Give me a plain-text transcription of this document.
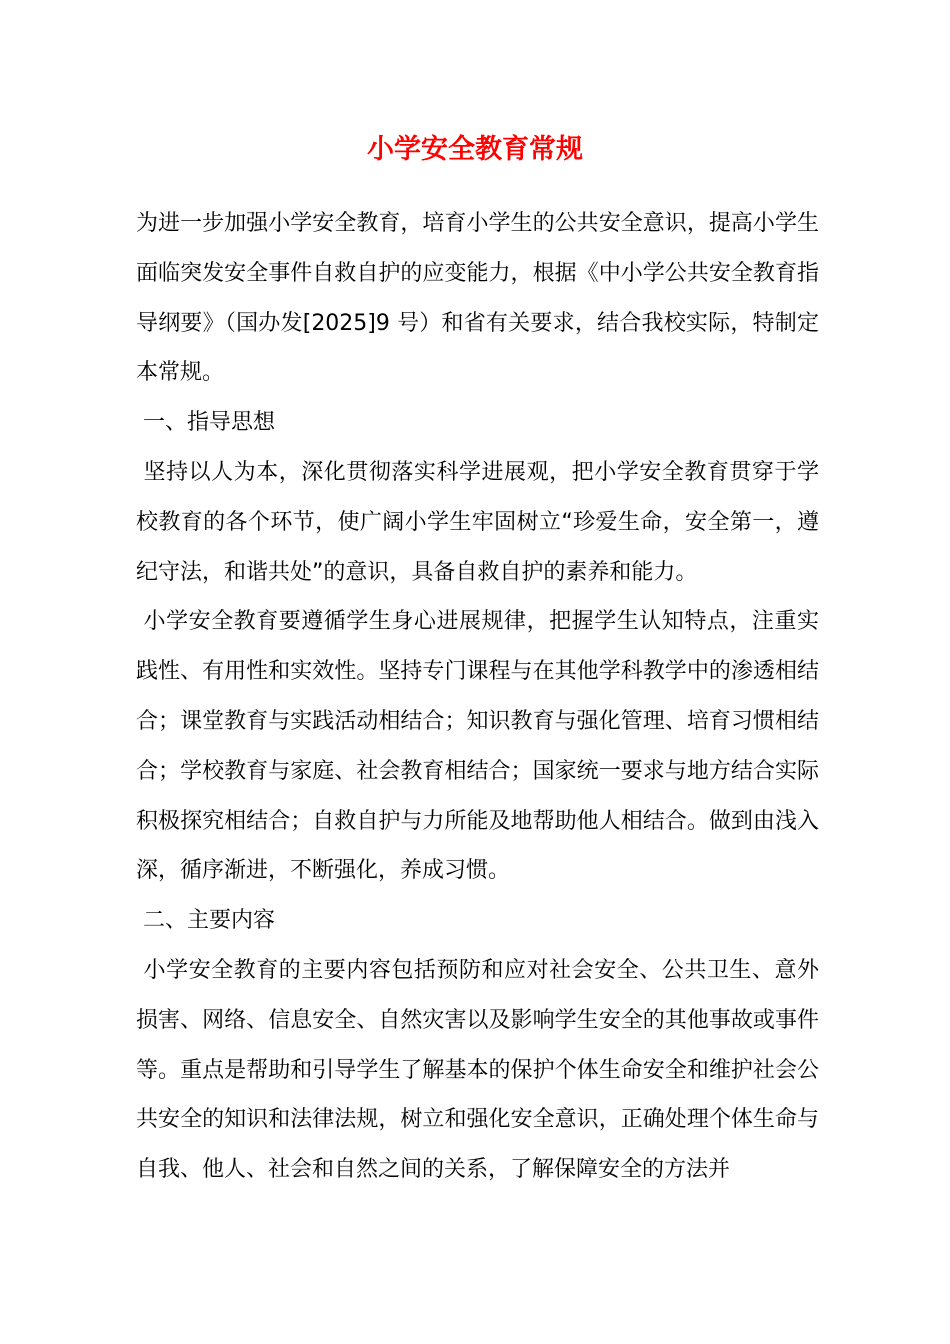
小学安全教育常规

为进一步加强小学安全教育，培育小学生的公共安全意识，提高小学生面临突发安全事件自救自护的应变能力，根据《中小学公共安全教育指导纲要》（国办发[2025]9 号）和省有关要求，结合我校实际，特制定本常规。

一、指导思想

坚持以人为本，深化贯彻落实科学进展观，把小学安全教育贯穿于学校教育的各个环节，使广阔小学生牢固树立“珍爱生命，安全第一，遵纪守法，和谐共处”的意识，具备自救自护的素养和能力。

小学安全教育要遵循学生身心进展规律，把握学生认知特点，注重实践性、有用性和实效性。坚持专门课程与在其他学科教学中的渗透相结合；课堂教育与实践活动相结合；知识教育与强化管理、培育习惯相结合；学校教育与家庭、社会教育相结合；国家统一要求与地方结合实际积极探究相结合；自救自护与力所能及地帮助他人相结合。做到由浅入深，循序渐进，不断强化，养成习惯。

二、主要内容

小学安全教育的主要内容包括预防和应对社会安全、公共卫生、意外损害、网络、信息安全、自然灾害以及影响学生安全的其他事故或事件等。重点是帮助和引导学生了解基本的保护个体生命安全和维护社会公共安全的知识和法律法规，树立和强化安全意识，正确处理个体生命与自我、他人、社会和自然之间的关系，了解保障安全的方法并
